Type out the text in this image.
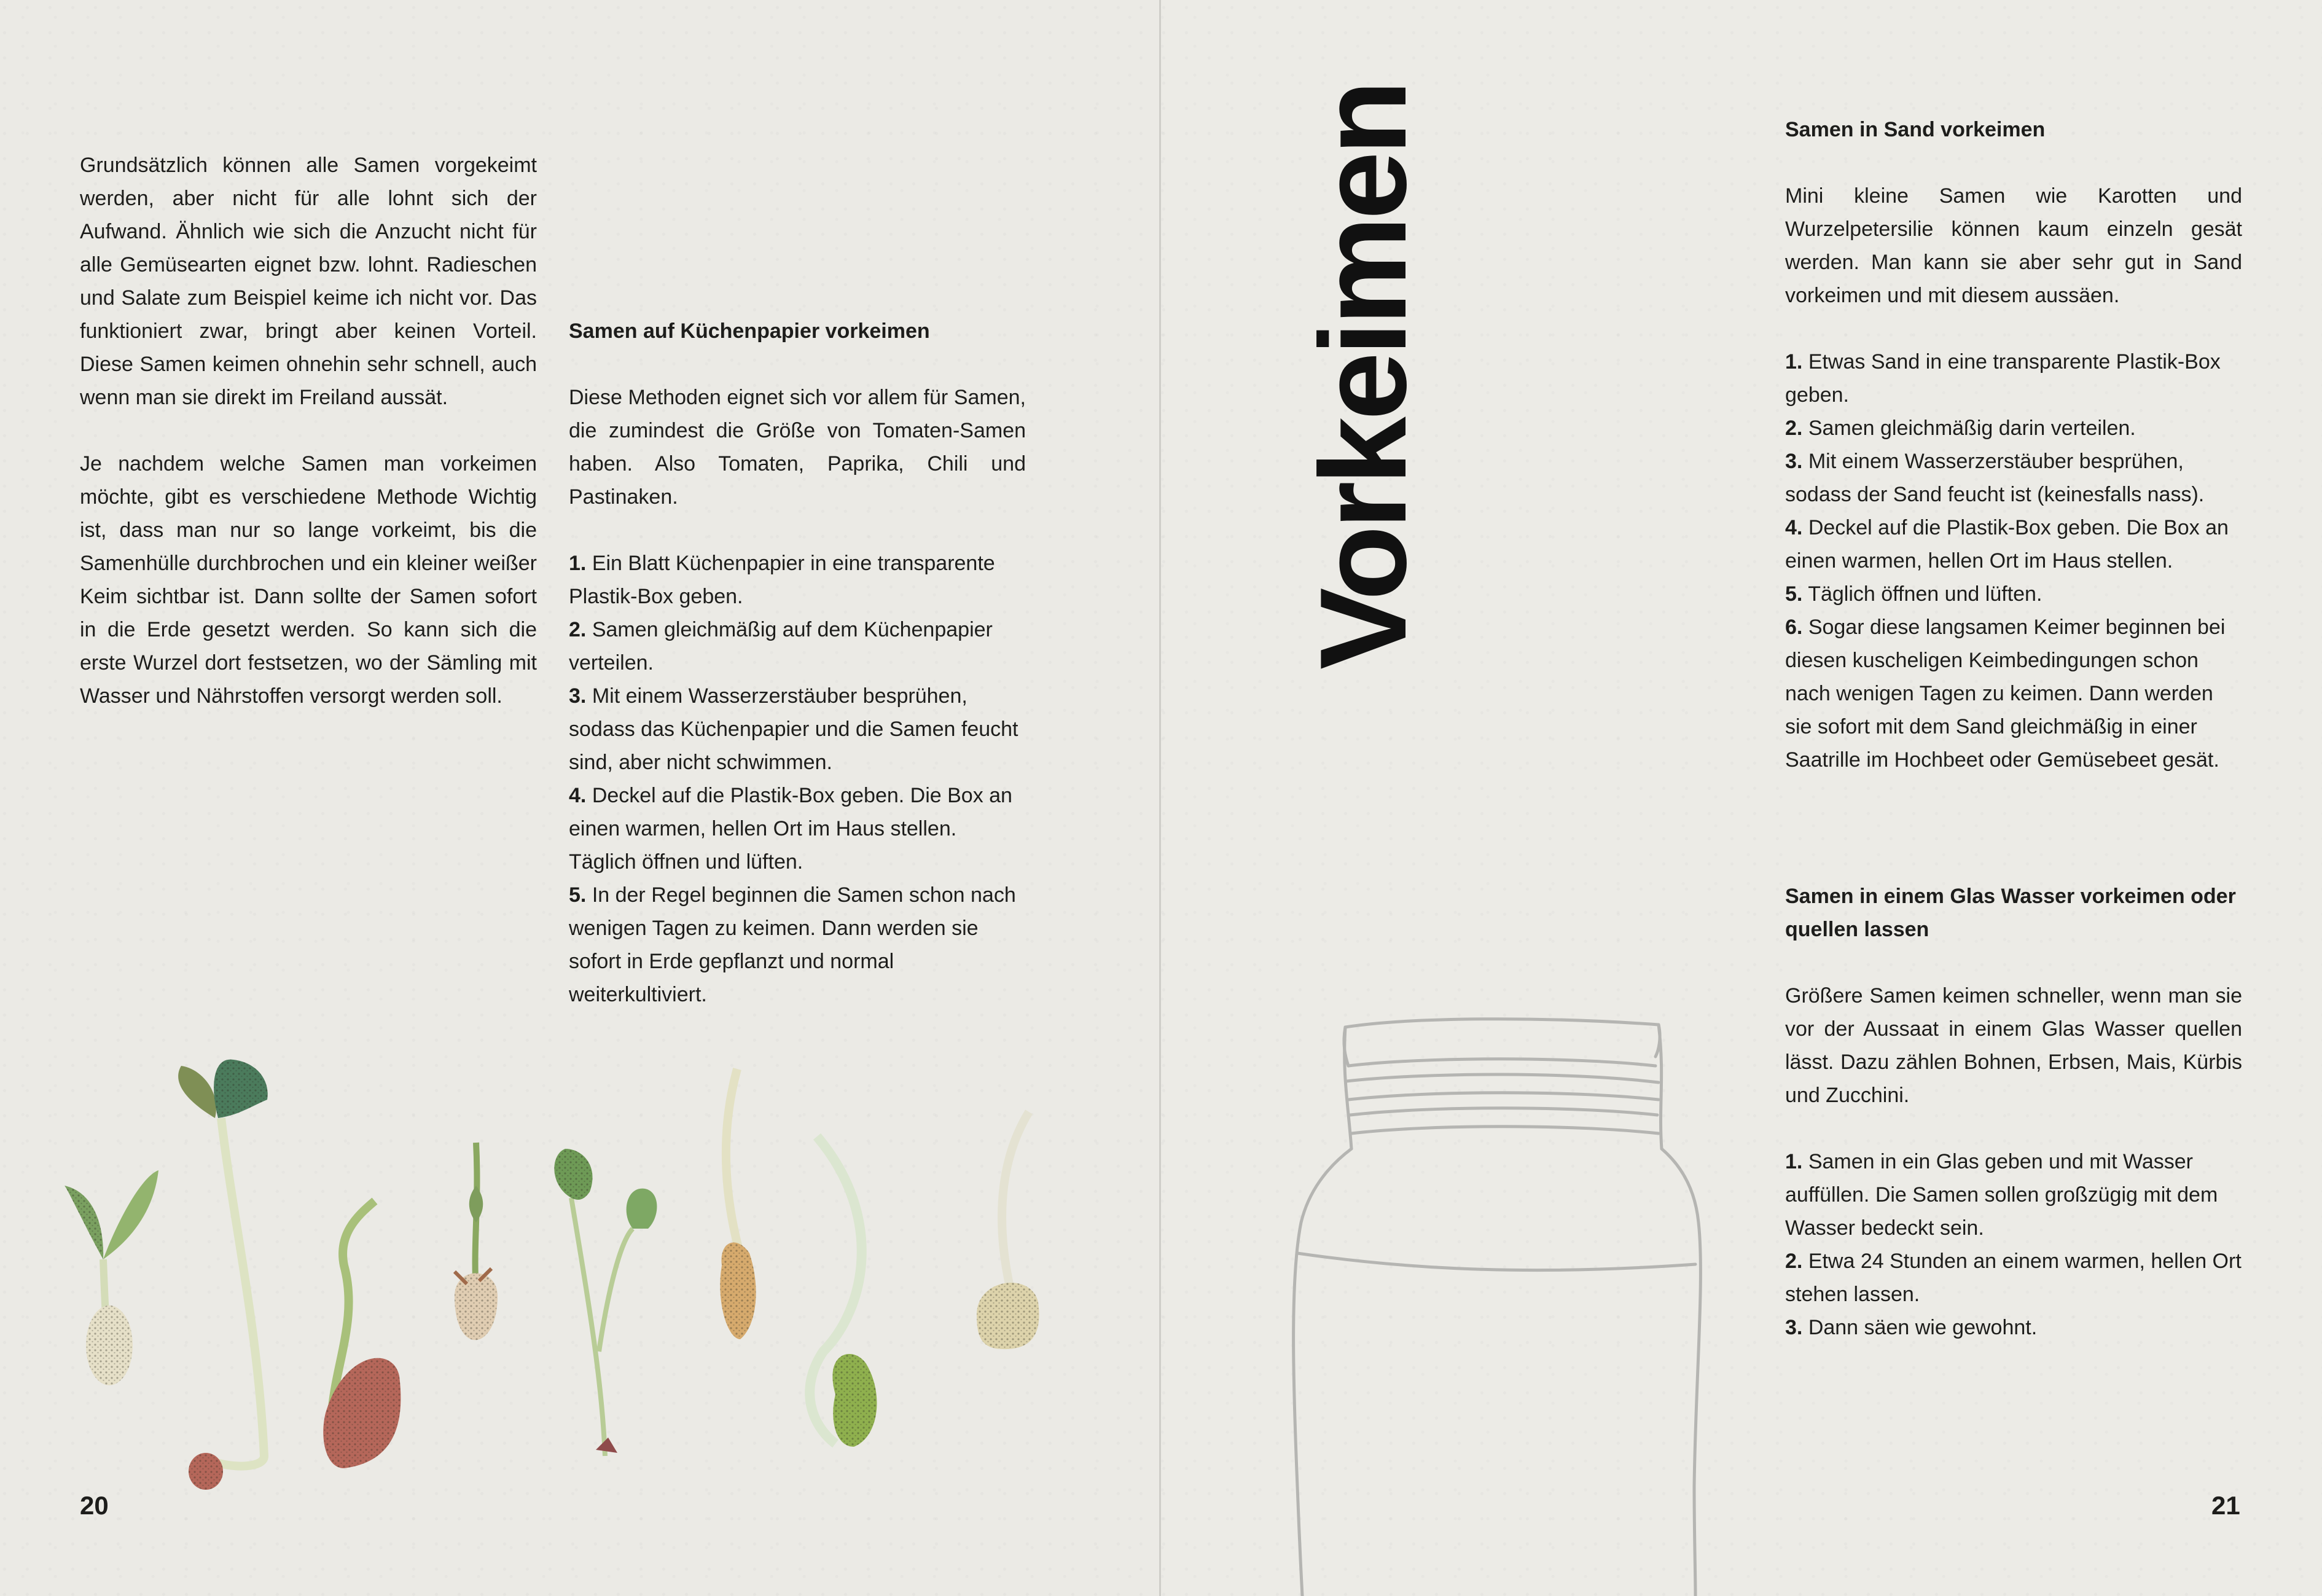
Grundsätzlich können alle Samen vorgekeimt werden, aber nicht für alle lohnt sich der Aufwand. Ähnlich wie sich die Anzucht nicht für alle Gemüsearten eignet bzw. lohnt. Radieschen und Salate zum Beispiel keime ich nicht vor. Das funktioniert zwar, bringt aber keinen Vorteil. Diese Samen keimen ohnehin sehr schnell, auch wenn man sie direkt im Freiland aussät.

Je nachdem welche Samen man vorkeimen möchte, gibt es verschiedene Methode Wichtig ist, dass man nur so lange vorkeimt, bis die Samenhülle durchbrochen und ein kleiner weißer Keim sichtbar ist. Dann sollte der Samen sofort in die Erde gesetzt werden. So kann sich die erste Wurzel dort festsetzen, wo der Sämling mit Wasser und Nährstoffen versorgt werden soll.

Samen auf Küchenpapier vorkeimen

Diese Methoden eignet sich vor allem für Samen, die zumindest die Größe von Tomaten-Samen haben. Also Tomaten, Paprika, Chili und Pastinaken.

1. Ein Blatt Küchenpapier in eine transparente Plastik-Box geben.

2. Samen gleichmäßig auf dem Küchenpapier verteilen.

3. Mit einem Wasserzerstäuber besprühen, sodass das Küchenpapier und die Samen feucht sind, aber nicht schwimmen.

4. Deckel auf die Plastik-Box geben. Die Box an einen warmen, hellen Ort im Haus stellen. Täglich öffnen und lüften.

5. In der Regel beginnen die Samen schon nach wenigen Tagen zu keimen. Dann werden sie sofort in Erde gepflanzt und normal weiterkultiviert.

20
Vorkeimen	Samen in Sand vorkeimen

Mini kleine Samen wie Karotten und Wurzelpetersilie können kaum einzeln gesät werden. Man kann sie aber sehr gut in Sand vorkeimen und mit diesem aussäen.

1. Etwas Sand in eine transparente Plastik-Box geben.

2. Samen gleichmäßig darin verteilen.

3. Mit einem Wasserzerstäuber besprühen, sodass der Sand feucht ist (keinesfalls nass).

4. Deckel auf die Plastik-Box geben. Die Box an einen warmen, hellen Ort im Haus stellen.

5. Täglich öffnen und lüften.

6. Sogar diese langsamen Keimer beginnen bei diesen kuscheligen Keimbedingungen schon nach wenigen Tagen zu keimen. Dann werden sie sofort mit dem Sand gleichmäßig in einer Saatrille im Hochbeet oder Gemüsebeet gesät.

Samen in einem Glas Wasser vorkeimen oder quellen lassen

Größere Samen keimen schneller, wenn man sie vor der Aussaat in einem Glas Wasser quellen lässt. Dazu zählen Bohnen, Erbsen, Mais, Kürbis und Zucchini.

1. Samen in ein Glas geben und mit Wasser auffüllen. Die Samen sollen großzügig mit dem Wasser bedeckt sein.

2. Etwa 24 Stunden an einem warmen, hellen Ort stehen lassen.

3. Dann säen wie gewohnt.

21
